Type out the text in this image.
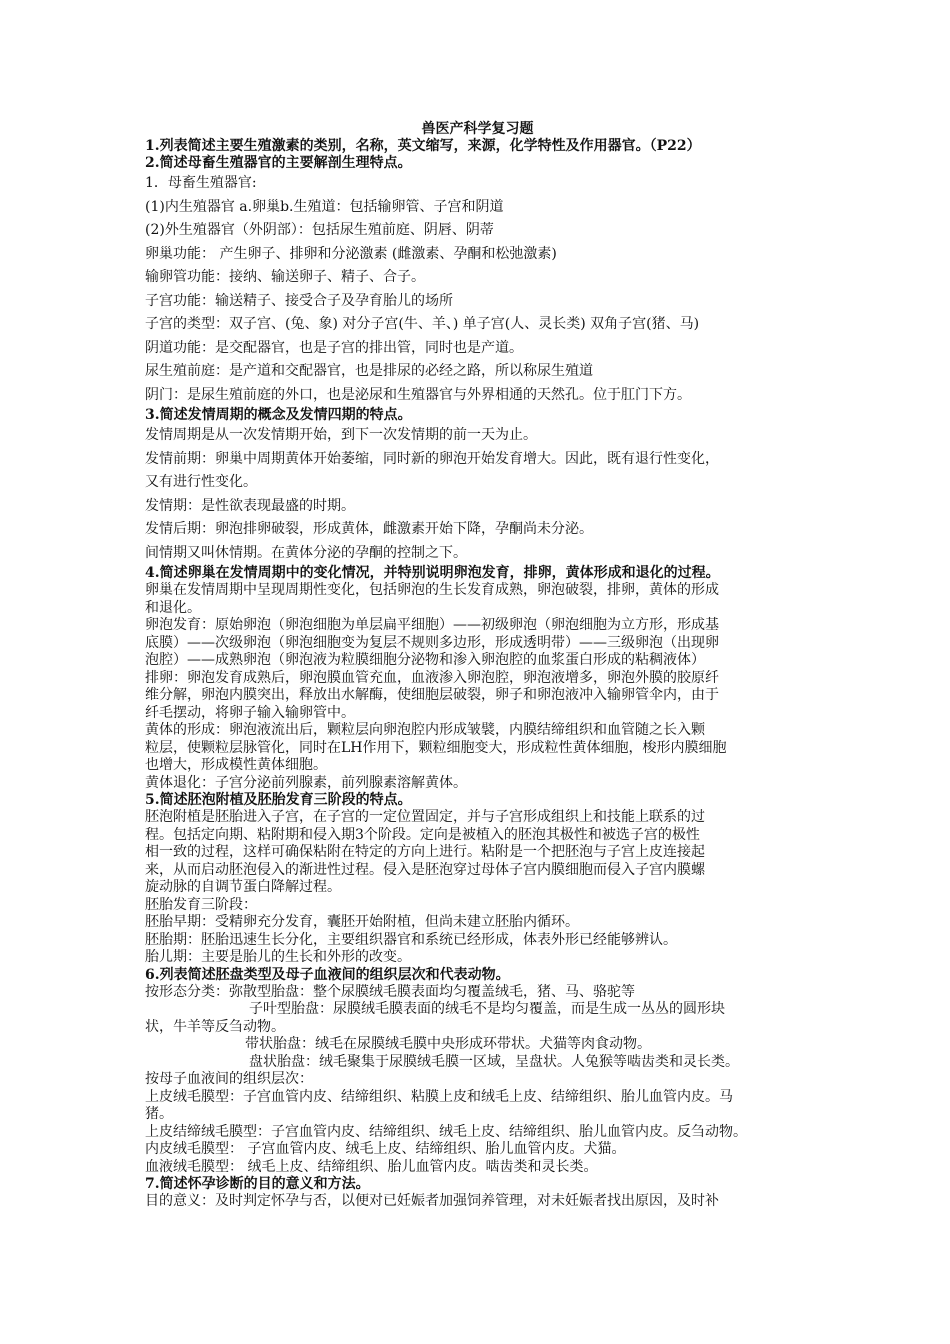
兽医产科学复习题

1.列表简述主要生殖激素的类别，名称，英文缩写，来源，化学特性及作用器官。（P22）

2.简述母畜生殖器官的主要解剖生理特点。

1．母畜生殖器官:

(1)内生殖器官 a.卵巢b.生殖道：包括输卵管、子宫和阴道

(2)外生殖器官（外阴部）：包括尿生殖前庭、阴唇、阴蒂

卵巢功能： 产生卵子、排卵和分泌激素 (雌激素、孕酮和松弛激素)

输卵管功能：接纳、输送卵子、精子、合子。

子宫功能：输送精子、接受合子及孕育胎儿的场所

子宫的类型：双子宫、(兔、象) 对分子宫(牛、羊、) 单子宫(人、灵长类) 双角子宫(猪、马)

阴道功能：是交配器官，也是子宫的排出管，同时也是产道。

尿生殖前庭：是产道和交配器官，也是排尿的必经之路，所以称尿生殖道

阴门：是尿生殖前庭的外口，也是泌尿和生殖器官与外界相通的天然孔。位于肛门下方。

3.简述发情周期的概念及发情四期的特点。

发情周期是从一次发情期开始，到下一次发情期的前一天为止。

发情前期：卵巢中周期黄体开始萎缩，同时新的卵泡开始发育增大。因此，既有退行性变化，

又有进行性变化。

发情期：是性欲表现最盛的时期。

发情后期：卵泡排卵破裂，形成黄体，雌激素开始下降，孕酮尚未分泌。

间情期又叫休情期。在黄体分泌的孕酮的控制之下。

4.简述卵巢在发情周期中的变化情况，并特别说明卵泡发育，排卵，黄体形成和退化的过程。

卵巢在发情周期中呈现周期性变化，包括卵泡的生长发育成熟，卵泡破裂，排卵，黄体的形成

和退化。

卵泡发育：原始卵泡（卵泡细胞为单层扁平细胞）——初级卵泡（卵泡细胞为立方形，形成基

底膜）——次级卵泡（卵泡细胞变为复层不规则多边形，形成透明带）——三级卵泡（出现卵

泡腔）——成熟卵泡（卵泡液为粒膜细胞分泌物和渗入卵泡腔的血浆蛋白形成的粘稠液体）

排卵：卵泡发育成熟后，卵泡膜血管充血，血液渗入卵泡腔，卵泡液增多，卵泡外膜的胶原纤

维分解，卵泡内膜突出，释放出水解酶，使细胞层破裂，卵子和卵泡液冲入输卵管伞内，由于

纤毛摆动，将卵子输入输卵管中。

黄体的形成：卵泡液流出后，颗粒层向卵泡腔内形成皱襞，内膜结缔组织和血管随之长入颗

粒层，使颗粒层脉管化，同时在LH作用下，颗粒细胞变大，形成粒性黄体细胞，梭形内膜细胞

也增大，形成模性黄体细胞。

黄体退化：子宫分泌前列腺素，前列腺素溶解黄体。

5.简述胚泡附植及胚胎发育三阶段的特点。

胚泡附植是胚胎进入子宫，在子宫的一定位置固定，并与子宫形成组织上和技能上联系的过

程。包括定向期、粘附期和侵入期3个阶段。定向是被植入的胚泡其极性和被选子宫的极性

相一致的过程，这样可确保粘附在特定的方向上进行。粘附是一个把胚泡与子宫上皮连接起

来，从而启动胚泡侵入的渐进性过程。侵入是胚泡穿过母体子宫内膜细胞而侵入子宫内膜螺

旋动脉的自调节蛋白降解过程。

胚胎发育三阶段：

胚胎早期：受精卵充分发育，囊胚开始附植，但尚未建立胚胎内循环。

胚胎期：胚胎迅速生长分化，主要组织器官和系统已经形成，体表外形已经能够辨认。

胎儿期：主要是胎儿的生长和外形的改变。

6.列表简述胚盘类型及母子血液间的组织层次和代表动物。

按形态分类：弥散型胎盘：整个尿膜绒毛膜表面均匀覆盖绒毛，猪、马、骆驼等

子叶型胎盘：尿膜绒毛膜表面的绒毛不是均匀覆盖，而是生成一丛丛的圆形块

状，牛羊等反刍动物。

带状胎盘：绒毛在尿膜绒毛膜中央形成环带状。犬猫等肉食动物。

盘状胎盘：绒毛聚集于尿膜绒毛膜一区域，呈盘状。人兔猴等啮齿类和灵长类。

按母子血液间的组织层次：

上皮绒毛膜型：子宫血管内皮、结缔组织、粘膜上皮和绒毛上皮、结缔组织、胎儿血管内皮。马

猪。

上皮结缔绒毛膜型：子宫血管内皮、结缔组织、绒毛上皮、结缔组织、胎儿血管内皮。反刍动物。

内皮绒毛膜型： 子宫血管内皮、绒毛上皮、结缔组织、胎儿血管内皮。犬猫。

血液绒毛膜型： 绒毛上皮、结缔组织、胎儿血管内皮。啮齿类和灵长类。

7.简述怀孕诊断的目的意义和方法。

目的意义：及时判定怀孕与否，以便对已妊娠者加强饲养管理，对未妊娠者找出原因，及时补
